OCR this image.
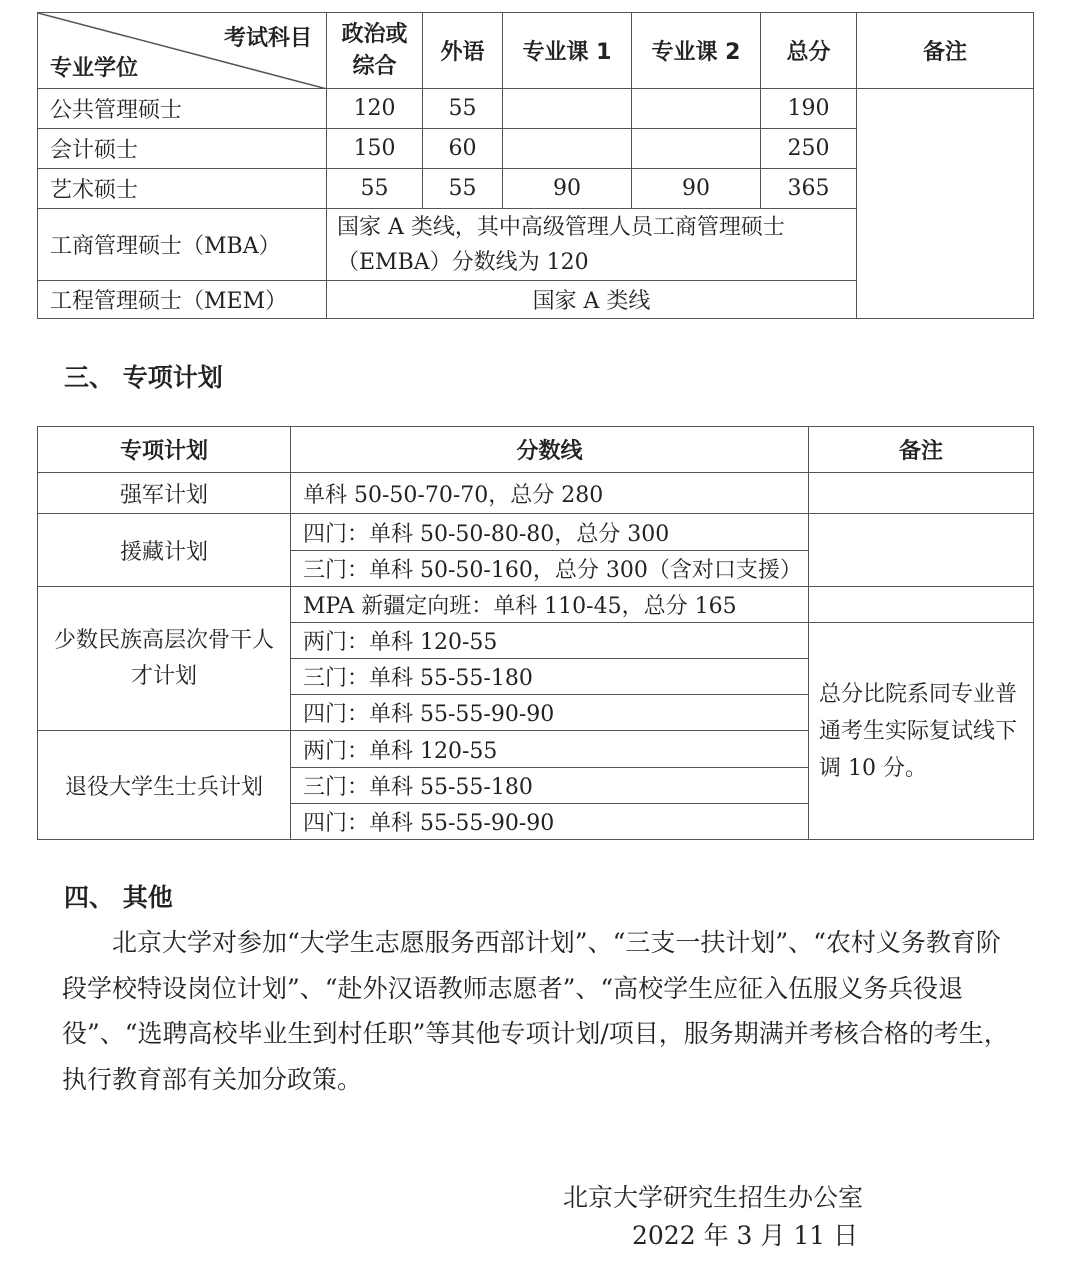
考试科目
专业学位	政治或综合	外语	专业课 1	专业课 2	总分	备注
公共管理硕士	120	55			190	
会计硕士	150	60			250	
艺术硕士	55	55	90	90	365	
工商管理硕士（MBA）	国家 A 类线，其中高级管理人员工商管理硕士（EMBA）分数线为 120					
工程管理硕士（MEM）	国家 A 类线					
三、 专项计划
专项计划	分数线	备注
强军计划	单科 50-50-70-70，总分 280	
援藏计划	四门：单科 50-50-80-80，总分 300	
	三门：单科 50-50-160，总分 300（含对口支援）	
少数民族高层次骨干人才计划	MPA 新疆定向班：单科 110-45，总分 165	
	两门：单科 120-55	总分比院系同专业普通考生实际复试线下调 10 分。
	三门：单科 55-55-180	
	四门：单科 55-55-90-90	
退役大学生士兵计划	两门：单科 120-55	
	三门：单科 55-55-180	
	四门：单科 55-55-90-90	
四、 其他

北京大学对参加“大学生志愿服务西部计划”、“三支一扶计划”、“农村义务教育阶段学校特设岗位计划”、“赴外汉语教师志愿者”、“高校学生应征入伍服义务兵役退役”、“选聘高校毕业生到村任职”等其他专项计划/项目，服务期满并考核合格的考生，执行教育部有关加分政策。

北京大学研究生招生办公室
2022 年 3 月 11 日
